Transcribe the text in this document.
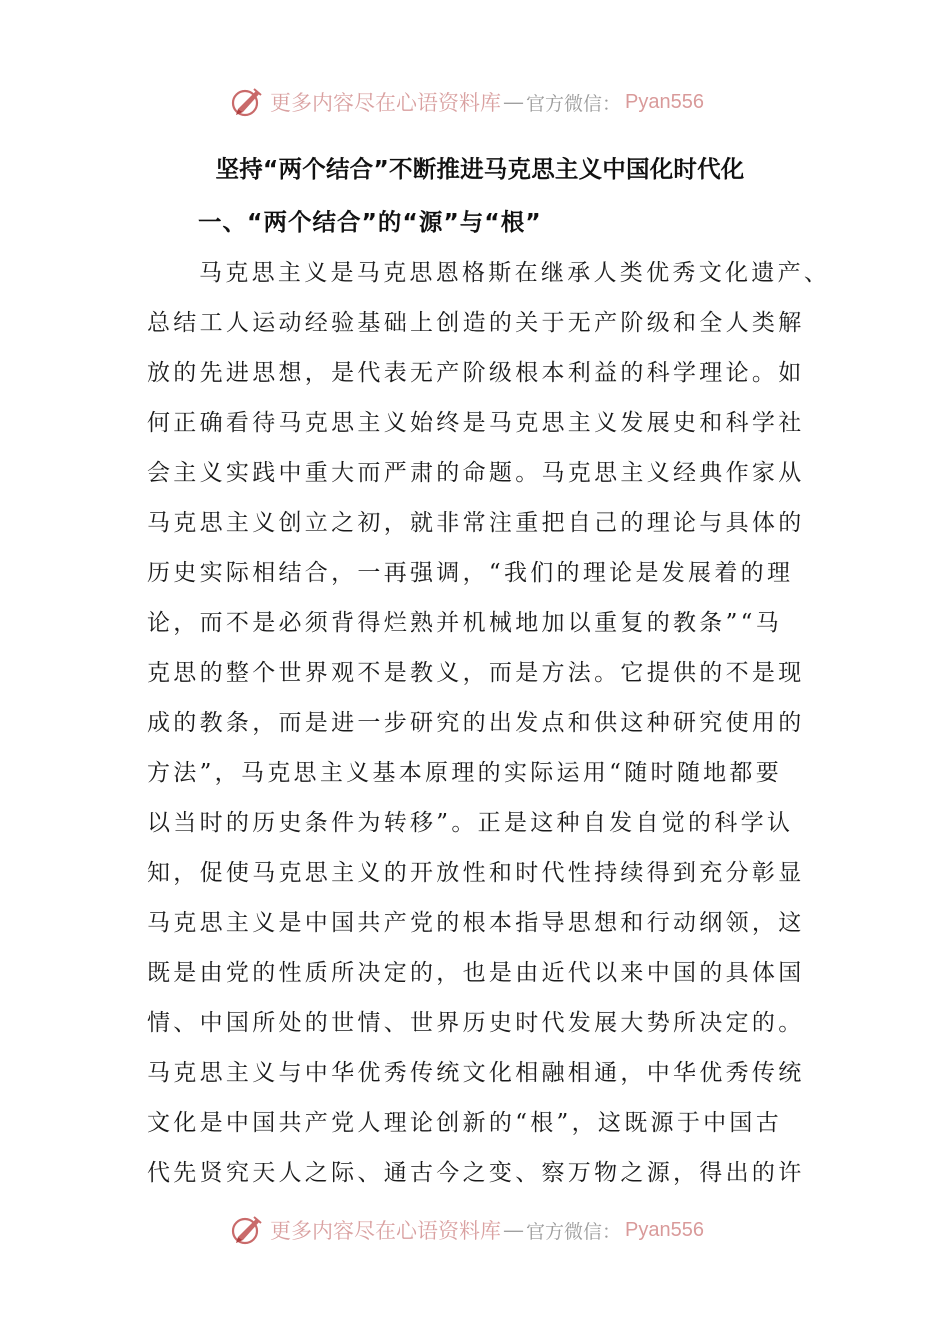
更多内容尽在心语资料库 — 官方微信： Pyan556
坚持“两个结合”不断推进马克思主义中国化时代化
一、“两个结合”的“源”与“根”
马克思主义是马克思恩格斯在继承人类优秀文化遗产、
总结工人运动经验基础上创造的关于无产阶级和全人类解
放的先进思想，是代表无产阶级根本利益的科学理论。如
何正确看待马克思主义始终是马克思主义发展史和科学社
会主义实践中重大而严肃的命题。马克思主义经典作家从
马克思主义创立之初，就非常注重把自己的理论与具体的
历史实际相结合，一再强调，“我们的理论是发展着的理
论，而不是必须背得烂熟并机械地加以重复的教条”“马
克思的整个世界观不是教义，而是方法。它提供的不是现
成的教条，而是进一步研究的出发点和供这种研究使用的
方法”，马克思主义基本原理的实际运用“随时随地都要
以当时的历史条件为转移”。正是这种自发自觉的科学认
知，促使马克思主义的开放性和时代性持续得到充分彰显
马克思主义是中国共产党的根本指导思想和行动纲领，这
既是由党的性质所决定的，也是由近代以来中国的具体国
情、中国所处的世情、世界历史时代发展大势所决定的。
马克思主义与中华优秀传统文化相融相通，中华优秀传统
文化是中国共产党人理论创新的“根”，这既源于中国古
代先贤究天人之际、通古今之变、察万物之源，得出的许
更多内容尽在心语资料库 — 官方微信： Pyan556
